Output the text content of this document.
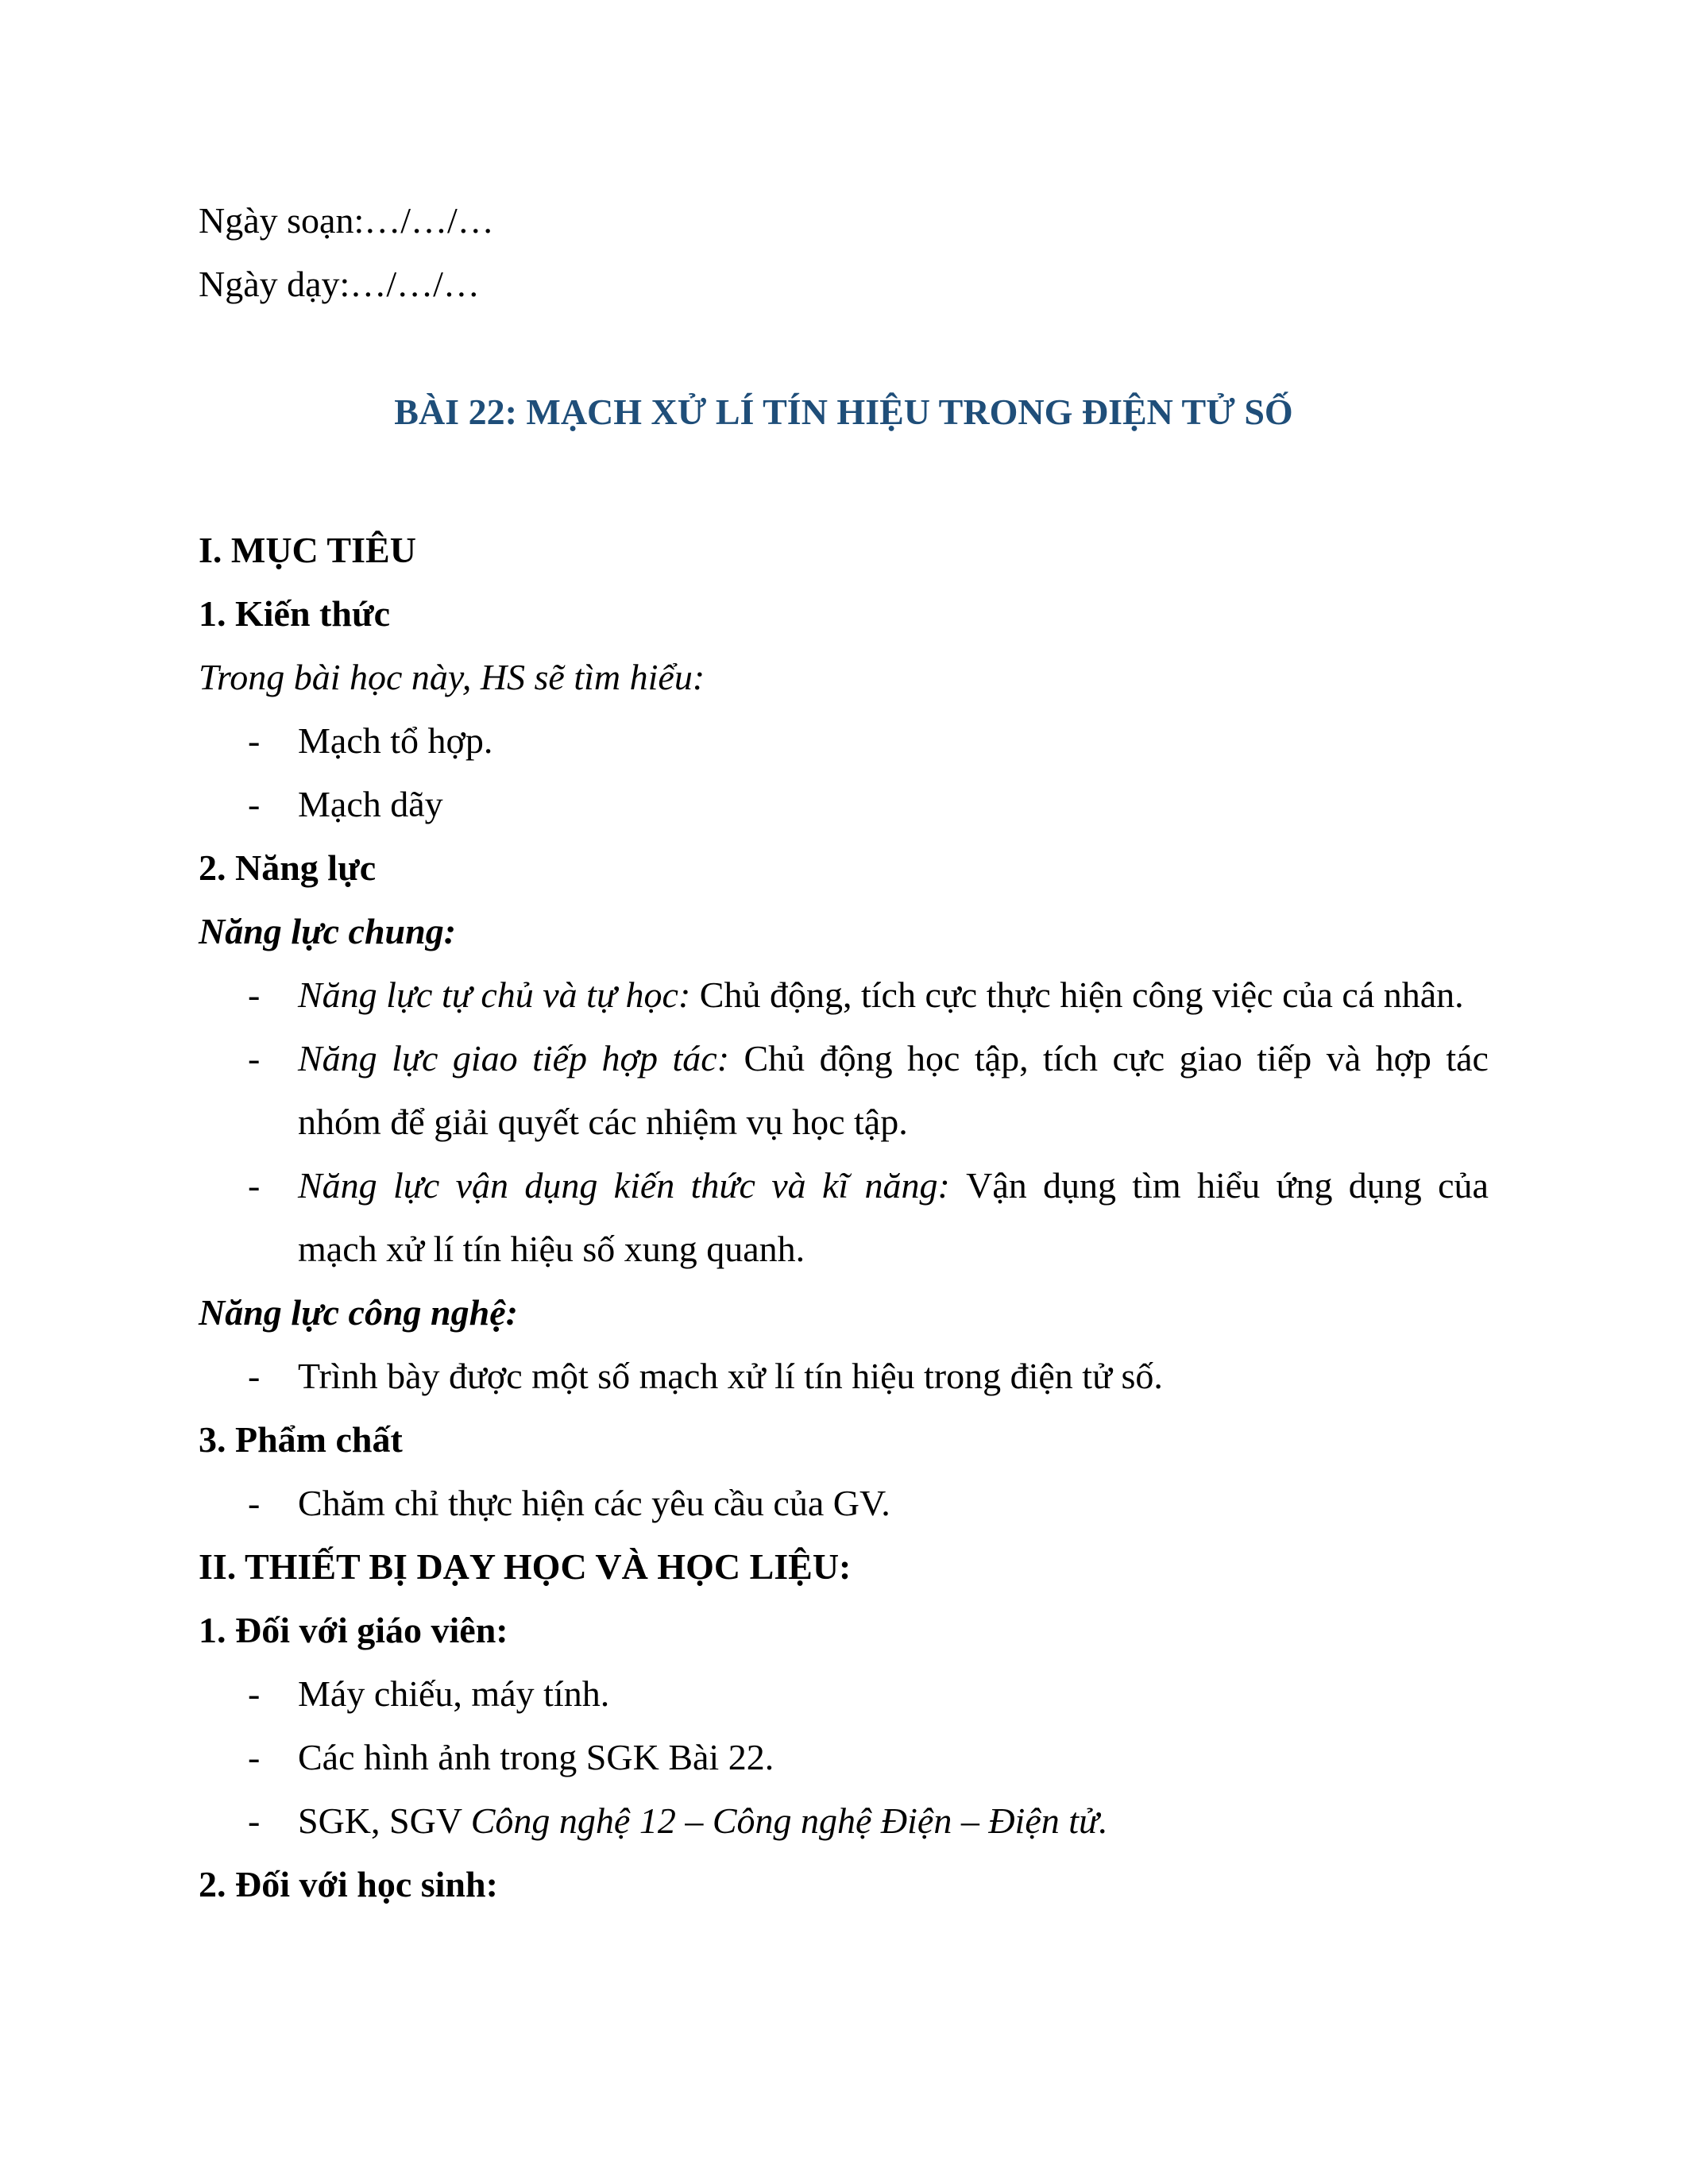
Ngày soạn:…/…/…
Ngày dạy:…/…/…
BÀI 22: MẠCH XỬ LÍ TÍN HIỆU TRONG ĐIỆN TỬ SỐ
I. MỤC TIÊU
1. Kiến thức
Trong bài học này, HS sẽ tìm hiểu:
- Mạch tổ hợp.
- Mạch dãy
2. Năng lực
Năng lực chung:
- Năng lực tự chủ và tự học: Chủ động, tích cực thực hiện công việc của cá nhân.
- Năng lực giao tiếp hợp tác: Chủ động học tập, tích cực giao tiếp và hợp tác
nhóm để giải quyết các nhiệm vụ học tập.
- Năng lực vận dụng kiến thức và kĩ năng: Vận dụng tìm hiểu ứng dụng của
mạch xử lí tín hiệu số xung quanh.
Năng lực công nghệ:
- Trình bày được một số mạch xử lí tín hiệu trong điện tử số.
3. Phẩm chất
- Chăm chỉ thực hiện các yêu cầu của GV.
II. THIẾT BỊ DẠY HỌC VÀ HỌC LIỆU:
1. Đối với giáo viên:
- Máy chiếu, máy tính.
- Các hình ảnh trong SGK Bài 22.
- SGK, SGV Công nghệ 12 – Công nghệ Điện – Điện tử.
2. Đối với học sinh:
